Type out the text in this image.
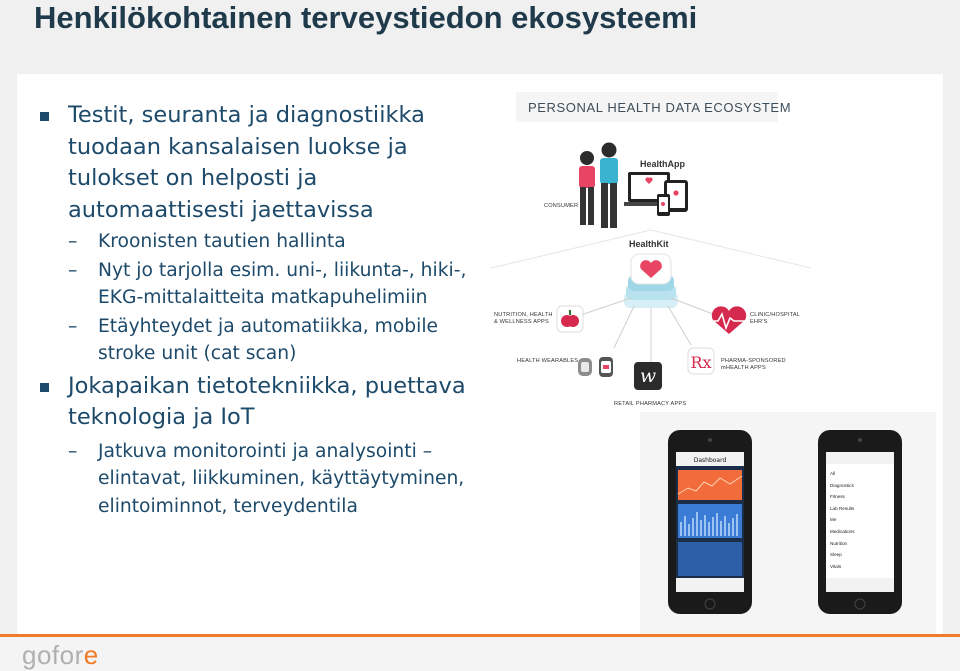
Henkilökohtainen terveystiedon ekosysteemi
Testit, seuranta ja diagnostiikka tuodaan kansalaisen luokse ja tulokset on helposti ja automaattisesti jaettavissa
– Kroonisten tautien hallinta
– Nyt jo tarjolla esim. uni-, liikunta-, hiki-, EKG-mittalaitteita matkapuhelimiin
– Etäyhteydet ja automatiikka, mobile stroke unit (cat scan)
Jokapaikan tietotekniikka, puettava teknologia ja IoT
– Jatkuva monitorointi ja analysointi – elintavat, liikkuminen, käyttäytyminen, elintoiminnot, terveydentila
w
Rx
PERSONAL HEALTH DATA ECOSYSTEM
CONSUMER
HealthApp
HealthKit
NUTRITION, HEALTH
& WELLNESS APPS
CLINIC/HOSPITAL
EHR'S
HEALTH WEARABLES	PHARMA-SPONSORED
mHEALTH APPS
RETAIL PHARMACY APPS
Dashboard
All
Diagnostics
Fitness
Lab Results
Me
Medications
Nutrition
Sleep
Vitals
gofore
